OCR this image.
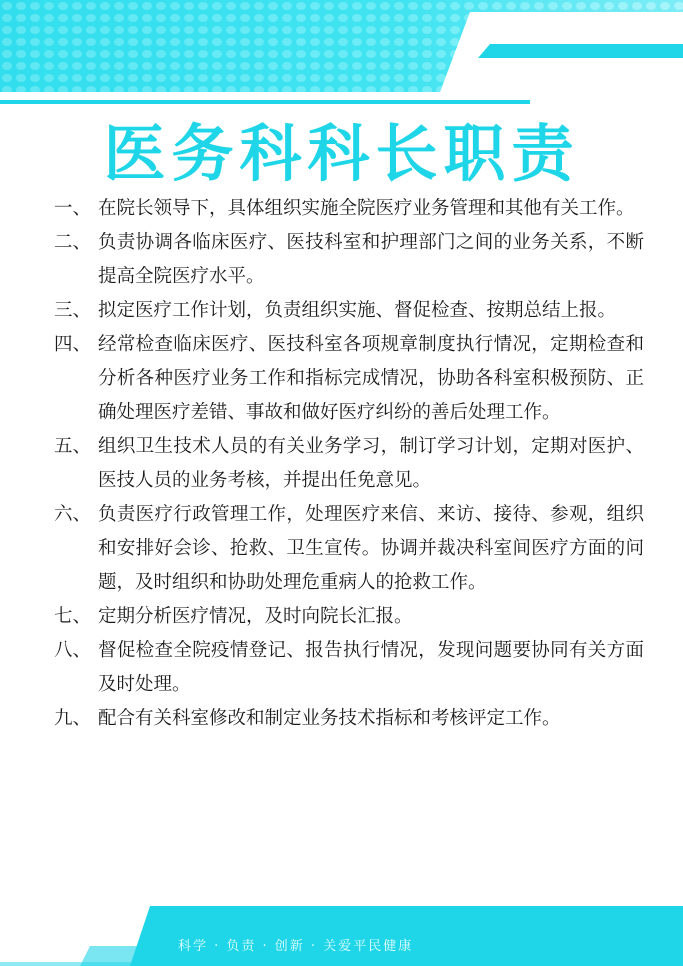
医务科科长职责
一、 在院长领导下，具体组织实施全院医疗业务管理和其他有关工作。
二、 负责协调各临床医疗、医技科室和护理部门之间的业务关系，不断提高全院医疗水平。
三、 拟定医疗工作计划，负责组织实施、督促检查、按期总结上报。
四、 经常检查临床医疗、医技科室各项规章制度执行情况，定期检查和分析各种医疗业务工作和指标完成情况，协助各科室积极预防、正确处理医疗差错、事故和做好医疗纠纷的善后处理工作。
五、 组织卫生技术人员的有关业务学习，制订学习计划，定期对医护、医技人员的业务考核，并提出任免意见。
六、 负责医疗行政管理工作，处理医疗来信、来访、接待、参观，组织和安排好会诊、抢救、卫生宣传。协调并裁决科室间医疗方面的问题，及时组织和协助处理危重病人的抢救工作。
七、 定期分析医疗情况，及时向院长汇报。
八、 督促检查全院疫情登记、报告执行情况，发现问题要协同有关方面及时处理。
九、 配合有关科室修改和制定业务技术指标和考核评定工作。
科学 · 负责 · 创新 · 关爱平民健康
